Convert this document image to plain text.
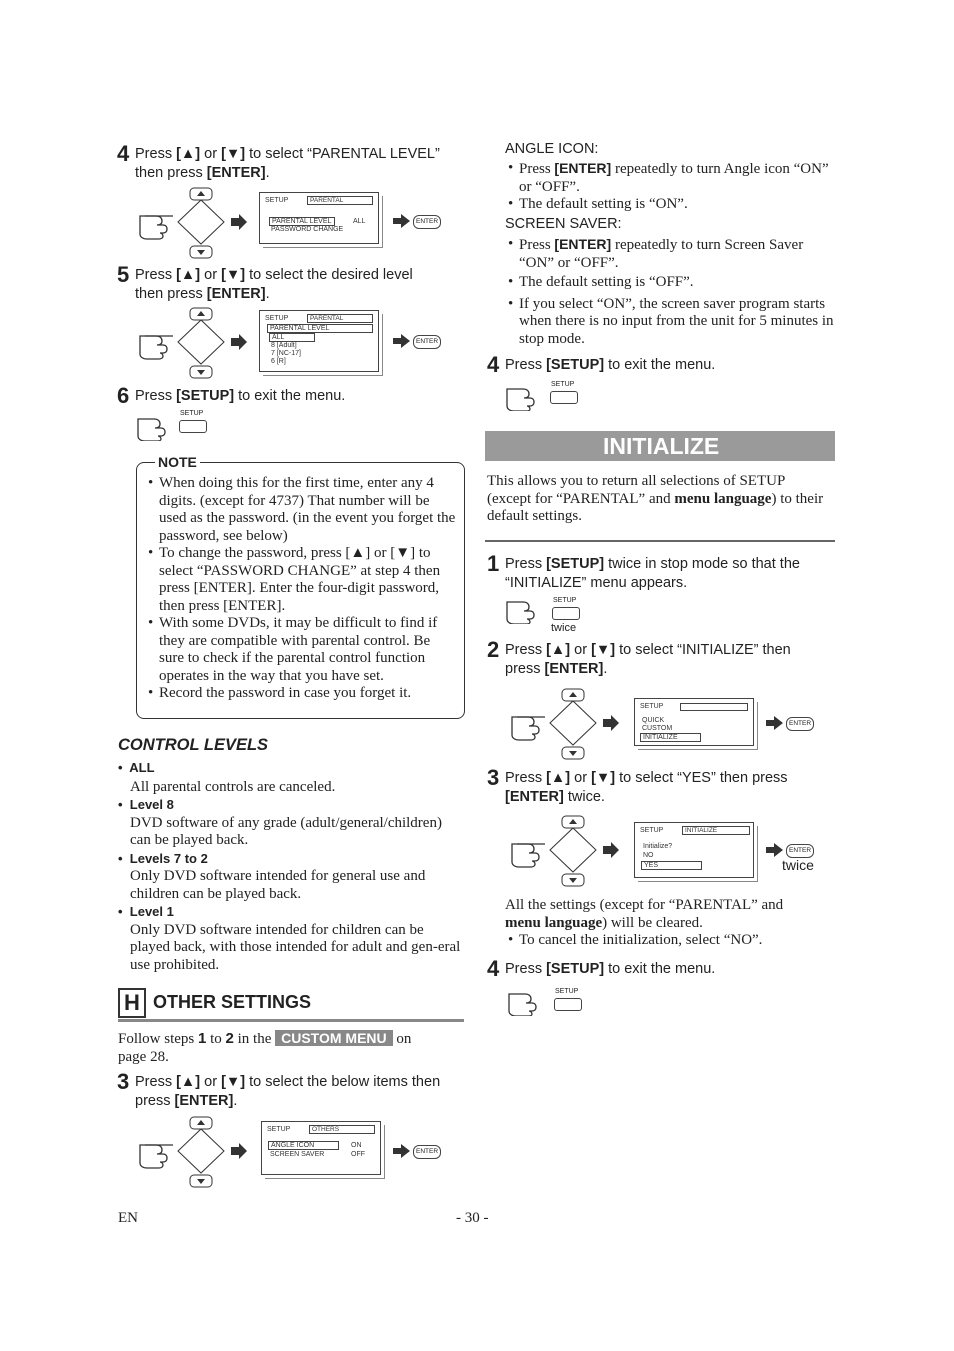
4 Press [▲] or [▼] to select “PARENTAL LEVEL”
then press [ENTER].
SETUP	PARENTAL
PARENTAL LEVEL	ALL
PASSWORD CHANGE
ENTER
5 Press [▲] or [▼] to select the desired level
then press [ENTER].
SETUP	PARENTAL
PARENTAL LEVEL
ALL
8 [Adult]
7 [NC-17]
6 [R]
ENTER
6 Press [SETUP] to exit the menu.
SETUP
NOTE
• When doing this for the first time, enter any 4 digits. (except for 4737) That number will be used as the password. (in the event you forget the password, see below)
• To change the password, press [▲] or [▼] to select “PASSWORD CHANGE” at step 4 then press [ENTER]. Enter the four-digit password, then press [ENTER].
• With some DVDs, it may be difficult to find if they are compatible with parental control. Be sure to check if the parental control function operates in the way that you have set.
• Record the password in case you forget it.
CONTROL LEVELS
•  ALL
All parental controls are canceled.
•  Level 8
DVD software of any grade (adult/general/children) can be played back.
•  Levels 7 to 2
Only DVD software intended for general use and children can be played back.
•  Level 1
Only DVD software intended for children can be played back, with those intended for adult and gen-eral use prohibited.
H OTHER SETTINGS
Follow steps 1 to 2 in the CUSTOM MENU on
page 28.
3 Press [▲] or [▼] to select the below items then
press [ENTER].
SETUP	OTHERS
ANGLE ICON	ON
SCREEN SAVER	OFF	ENTER
EN	- 30 -
ANGLE ICON:
• Press [ENTER] repeatedly to turn Angle icon “ON” or “OFF”.
• The default setting is “ON”.
SCREEN SAVER:
• Press [ENTER] repeatedly to turn Screen Saver “ON” or “OFF”.
• The default setting is “OFF”.
• If you select “ON”, the screen saver program starts when there is no input from the unit for 5 minutes in stop mode.
4 Press [SETUP] to exit the menu.
SETUP
INITIALIZE
This allows you to return all selections of SETUP (except for “PARENTAL” and menu language) to their default settings.
1 Press [SETUP] twice in stop mode so that the
“INITIALIZE” menu appears.
SETUP
twice
2 Press [▲] or [▼] to select “INITIALIZE” then
press [ENTER].
SETUP
QUICK
CUSTOM
INITIALIZE
ENTER
3 Press [▲] or [▼] to select “YES” then press
[ENTER] twice.
SETUP	INITIALIZE
Initialize?
NO
YES
ENTER
twice
All the settings (except for “PARENTAL” and
menu language) will be cleared.
• To cancel the initialization, select “NO”.
4 Press [SETUP] to exit the menu.
SETUP
